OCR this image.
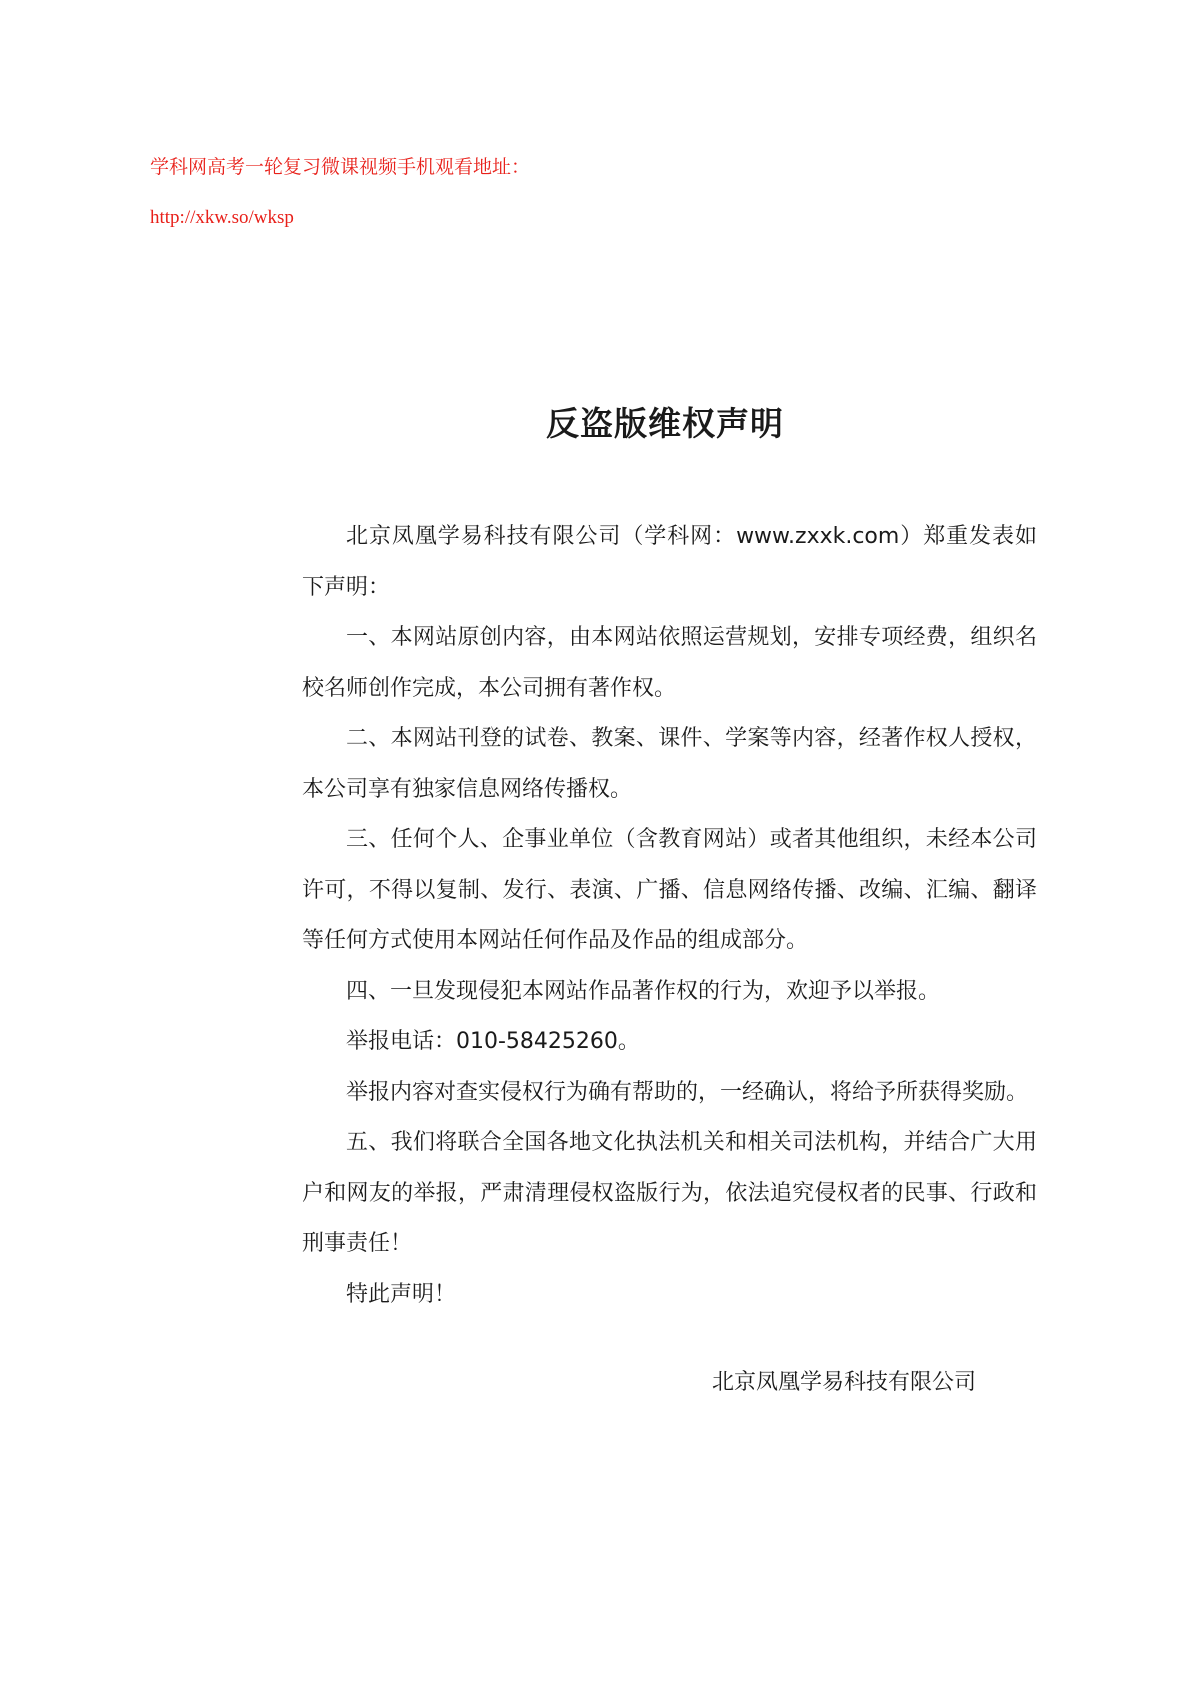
学科网高考一轮复习微课视频手机观看地址：
http://xkw.so/wksp
反盗版维权声明

北京凤凰学易科技有限公司（学科网：www.zxxk.com）郑重发表如下声明：

一、本网站原创内容，由本网站依照运营规划，安排专项经费，组织名校名师创作完成，本公司拥有著作权。

二、本网站刊登的试卷、教案、课件、学案等内容，经著作权人授权，本公司享有独家信息网络传播权。

三、任何个人、企事业单位（含教育网站）或者其他组织，未经本公司许可，不得以复制、发行、表演、广播、信息网络传播、改编、汇编、翻译等任何方式使用本网站任何作品及作品的组成部分。

四、一旦发现侵犯本网站作品著作权的行为，欢迎予以举报。

举报电话：010-58425260。

举报内容对查实侵权行为确有帮助的，一经确认，将给予所获得奖励。

五、我们将联合全国各地文化执法机关和相关司法机构，并结合广大用户和网友的举报，严肃清理侵权盗版行为，依法追究侵权者的民事、行政和刑事责任！

特此声明！

北京凤凰学易科技有限公司
